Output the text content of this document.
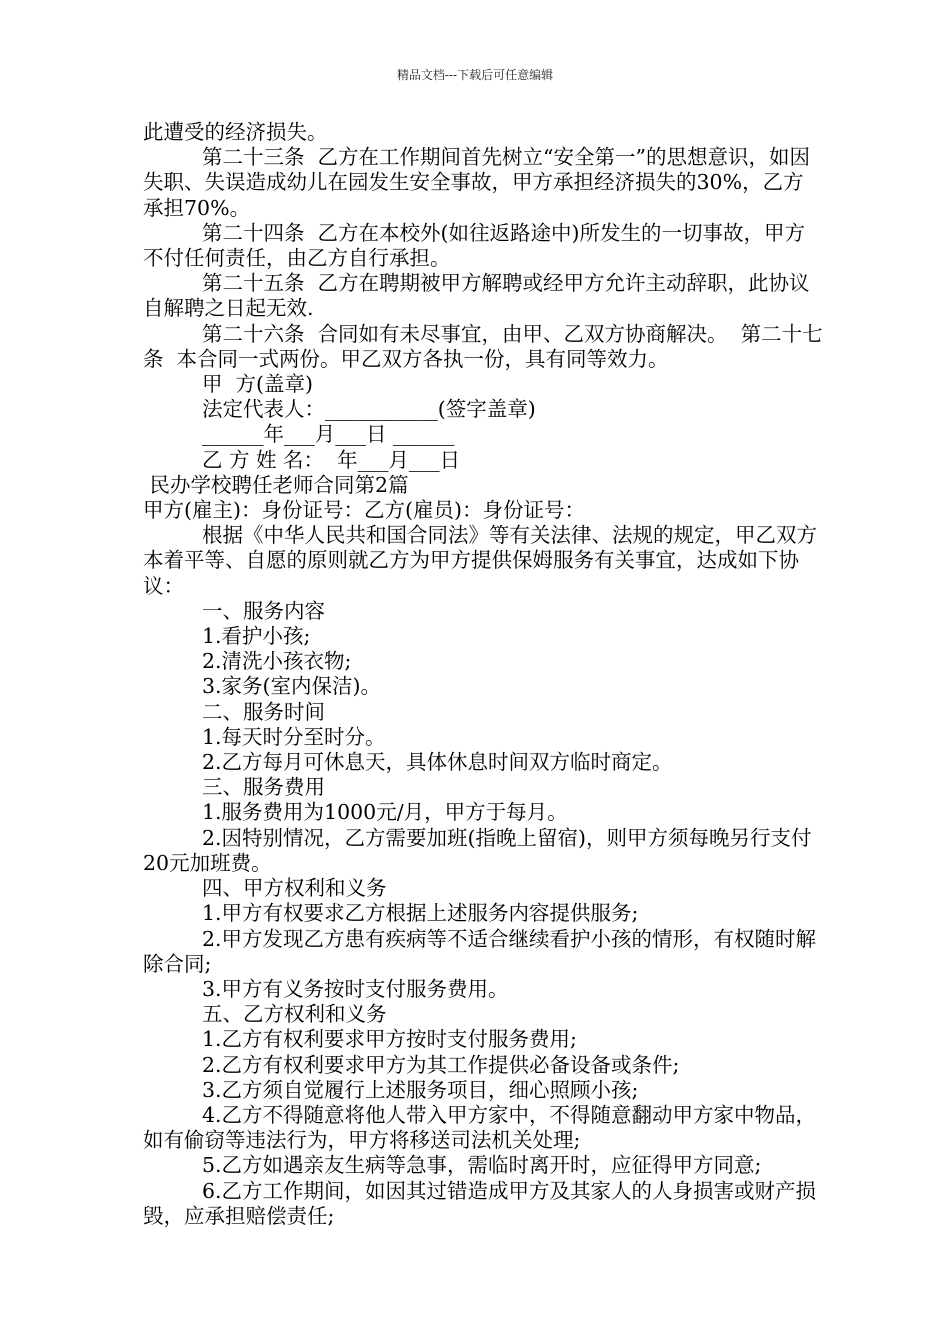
精品文档---下载后可任意编辑

此遭受的经济损失。

第二十三条  乙方在工作期间首先树立“安全第一”的思想意识，如因失职、失误造成幼儿在园发生安全事故，甲方承担经济损失的30%，乙方承担70%。

第二十四条  乙方在本校外(如往返路途中)所发生的一切事故，甲方不付任何责任，由乙方自行承担。

第二十五条  乙方在聘期被甲方解聘或经甲方允许主动辞职，此协议自解聘之日起无效.

第二十六条  合同如有未尽事宜，由甲、乙双方协商解决。  第二十七条  本合同一式两份。甲乙双方各执一份，具有同等效力。

甲  方(盖章)

法定代表人：___________(签字盖章)

______年___月___日 ______

乙 方 姓 名：  年___月___日

民办学校聘任老师合同第2篇

甲方(雇主)：身份证号：乙方(雇员)：身份证号：

根据《中华人民共和国合同法》等有关法律、法规的规定，甲乙双方本着平等、自愿的原则就乙方为甲方提供保姆服务有关事宜，达成如下协议：

一、服务内容

1.看护小孩;

2.清洗小孩衣物;

3.家务(室内保洁)。

二、服务时间

1.每天时分至时分。

2.乙方每月可休息天，具体休息时间双方临时商定。

三、服务费用

1.服务费用为1000元/月，甲方于每月。

2.因特别情况，乙方需要加班(指晚上留宿)，则甲方须每晚另行支付20元加班费。

四、甲方权利和义务

1.甲方有权要求乙方根据上述服务内容提供服务;

2.甲方发现乙方患有疾病等不适合继续看护小孩的情形，有权随时解除合同;

3.甲方有义务按时支付服务费用。

五、乙方权利和义务

1.乙方有权利要求甲方按时支付服务费用;

2.乙方有权利要求甲方为其工作提供必备设备或条件;

3.乙方须自觉履行上述服务项目，细心照顾小孩;

4.乙方不得随意将他人带入甲方家中，不得随意翻动甲方家中物品，如有偷窃等违法行为，甲方将移送司法机关处理;

5.乙方如遇亲友生病等急事，需临时离开时，应征得甲方同意;

6.乙方工作期间，如因其过错造成甲方及其家人的人身损害或财产损毁，应承担赔偿责任;
